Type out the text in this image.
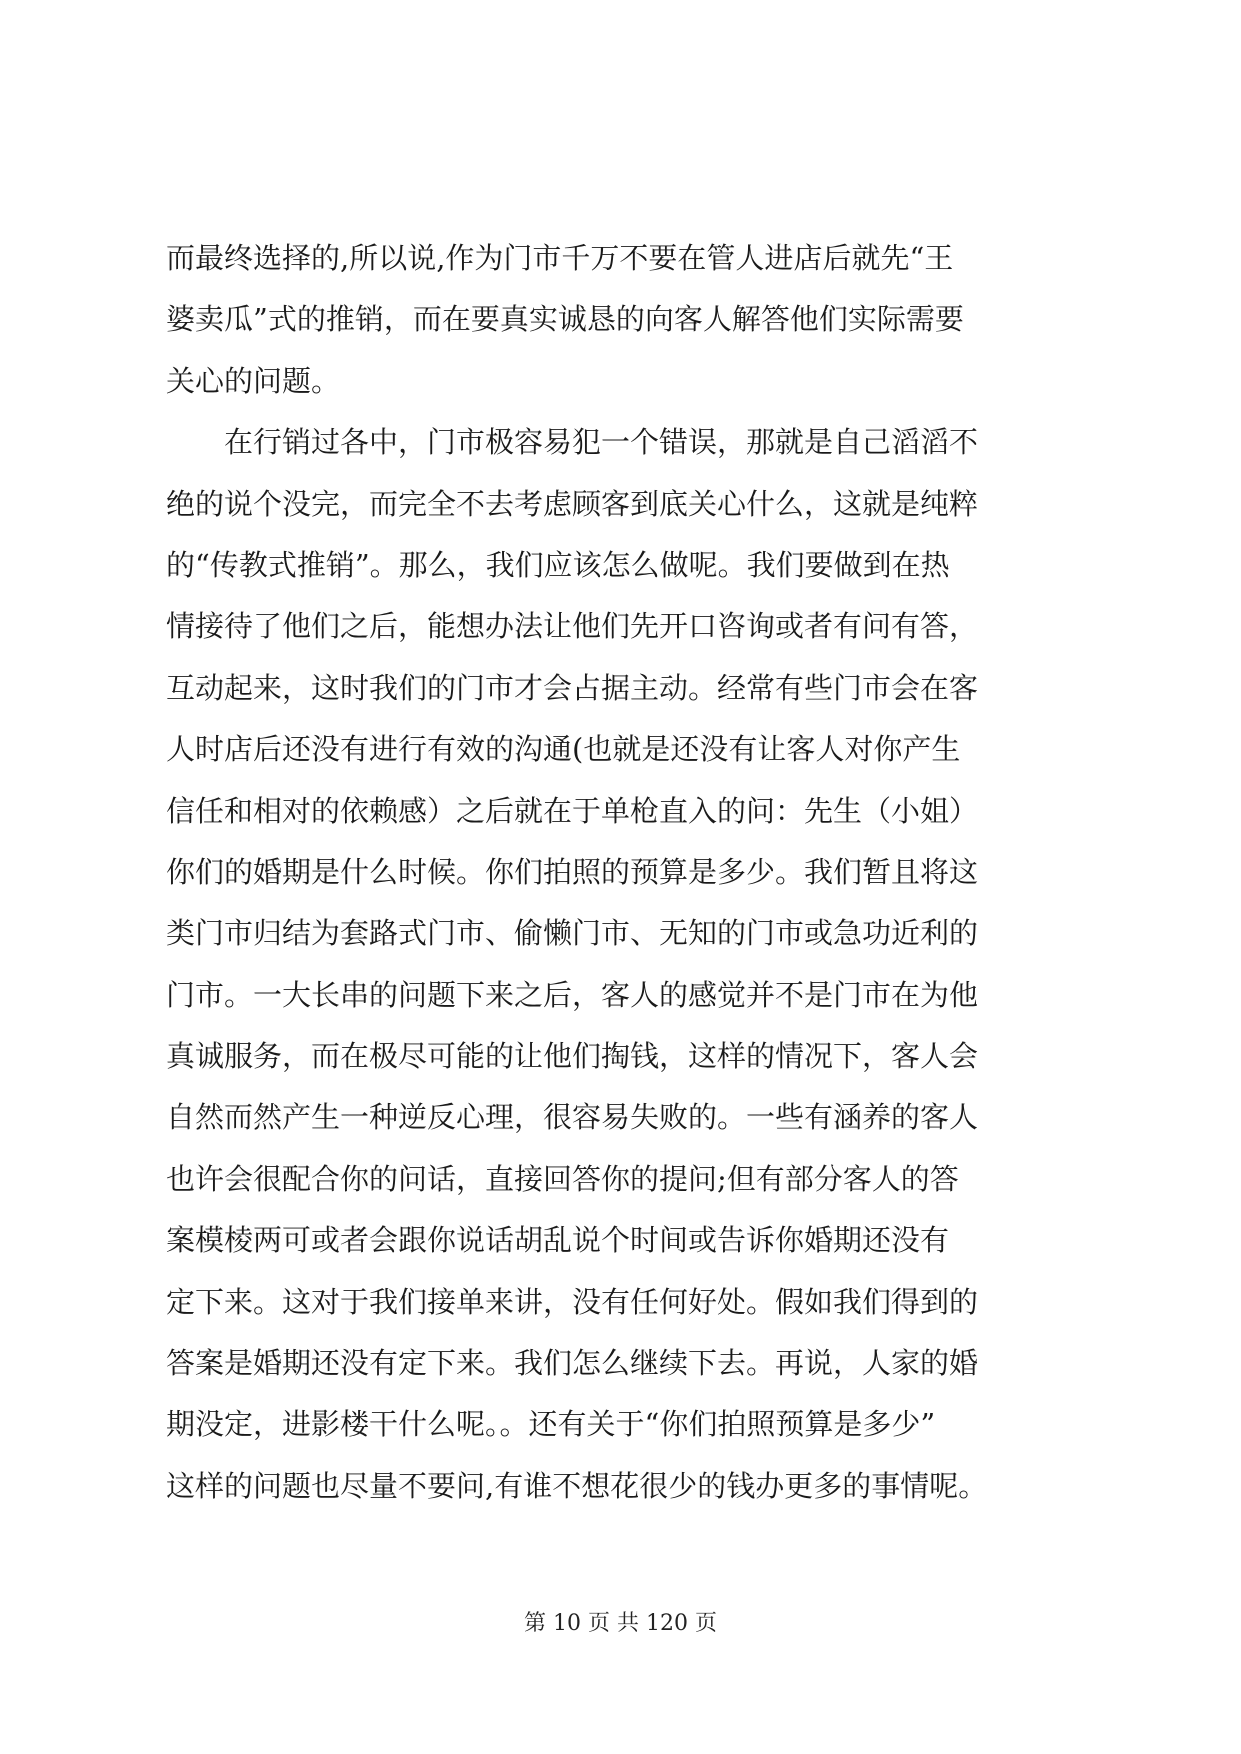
而最终选择的,所以说,作为门市千万不要在管人进店后就先“王
婆卖瓜”式的推销，而在要真实诚恳的向客人解答他们实际需要
关心的问题。
　　在行销过各中，门市极容易犯一个错误，那就是自己滔滔不
绝的说个没完，而完全不去考虑顾客到底关心什么，这就是纯粹
的“传教式推销”。那么，我们应该怎么做呢。我们要做到在热
情接待了他们之后，能想办法让他们先开口咨询或者有问有答，
互动起来，这时我们的门市才会占据主动。经常有些门市会在客
人时店后还没有进行有效的沟通(也就是还没有让客人对你产生
信任和相对的依赖感）之后就在于单枪直入的问：先生（小姐）
你们的婚期是什么时候。你们拍照的预算是多少。我们暂且将这
类门市归结为套路式门市、偷懒门市、无知的门市或急功近利的
门市。一大长串的问题下来之后，客人的感觉并不是门市在为他
真诚服务，而在极尽可能的让他们掏钱，这样的情况下，客人会
自然而然产生一种逆反心理，很容易失败的。一些有涵养的客人
也许会很配合你的问话，直接回答你的提问;但有部分客人的答
案模棱两可或者会跟你说话胡乱说个时间或告诉你婚期还没有
定下来。这对于我们接单来讲，没有任何好处。假如我们得到的
答案是婚期还没有定下来。我们怎么继续下去。再说，人家的婚
期没定，进影楼干什么呢。。还有关于“你们拍照预算是多少”
这样的问题也尽量不要问,有谁不想花很少的钱办更多的事情呢。
第 10 页 共 120 页
